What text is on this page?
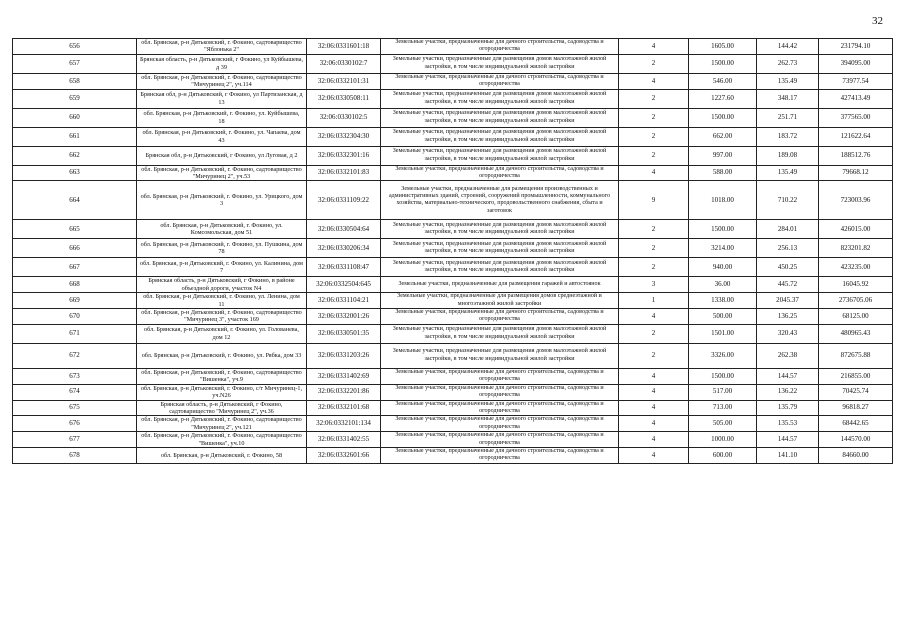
32
656	обл. Брянская, р-н Дятьковский, г. Фокино, садтоварищество "Яблонька 2"	32:06:0331601:18	Земельные участки, предназначенные для дачного строительства, садоводства и огородничества	4	1605.00	144.42	231794.10
657	Брянская область, р-н Дятьковский, г Фокино, ул Куйбышева, д 39	32:06:0330102:7	Земельные участки, предназначенные для размещения домов малоэтажной жилой застройки, в том числе индивидуальной жилой застройки	2	1500.00	262.73	394095.00
658	обл. Брянская, р-н Дятьковский, г. Фокино, садтоварищество "Мичуринец 2", уч.114	32:06:0332101:31	Земельные участки, предназначенные для дачного строительства, садоводства и огородничества	4	546.00	135.49	73977.54
659	Брянская обл, р-н Дятьковский, г Фокино, ул Партизанская, д 13	32:06:0330508:11	Земельные участки, предназначенные для размещения домов малоэтажной жилой застройки, в том числе индивидуальной жилой застройки	2	1227.60	348.17	427413.49
660	обл. Брянская, р-н Дятьковский, г. Фокино, ул. Куйбышева, 18	32:06:0330102:5	Земельные участки, предназначенные для размещения домов малоэтажной жилой застройки, в том числе индивидуальной жилой застройки	2	1500.00	251.71	377565.00
661	обл. Брянская, р-н Дятьковский, г. Фокино, ул. Чапаева, дом 43	32:06:0332304:30	Земельные участки, предназначенные для размещения домов малоэтажной жилой застройки, в том числе индивидуальной жилой застройки	2	662.00	183.72	121622.64
662	Брянская обл, р-н Дятьковский, г Фокино, ул Луговая, д 2	32:06:0332301:16	Земельные участки, предназначенные для размещения домов малоэтажной жилой застройки, в том числе индивидуальной жилой застройки	2	997.00	189.08	188512.76
663	обл. Брянская, р-н Дятьковский, г. Фокино, садтоварищество "Мичуринец 2", уч.53	32:06:0332101:83	Земельные участки, предназначенные для дачного строительства, садоводства и огородничества	4	588.00	135.49	79668.12
664	обл. Брянская, р-н Дятьковский, г. Фокино, ул. Урицкого, дом 3	32:06:0331109:22	Земельные участки, предназначенные для размещения производственных и административных зданий, строений, сооружений промышленности, коммунального хозяйства, материально-технического, продовольственного снабжения, сбыта и заготовок	9	1018.00	710.22	723003.96
665	обл. Брянская, р-н Дятьковский, г. Фокино, ул. Комсомольская, дом 51	32:06:0330504:64	Земельные участки, предназначенные для размещения домов малоэтажной жилой застройки, в том числе индивидуальной жилой застройки	2	1500.00	284.01	426015.00
666	обл. Брянская, р-н Дятьковский, г. Фокино, ул. Пушкина, дом 78	32:06:0330206:34	Земельные участки, предназначенные для размещения домов малоэтажной жилой застройки, в том числе индивидуальной жилой застройки	2	3214.00	256.13	823201.82
667	обл. Брянская, р-н Дятьковский, г. Фокино, ул. Калинина, дом 7	32:06:0331108:47	Земельные участки, предназначенные для размещения домов малоэтажной жилой застройки, в том числе индивидуальной жилой застройки	2	940.00	450.25	423235.00
668	Брянская область, р-н Дятьковский, г Фокино, в районе объездной дороги, участок N4	32:06:0332504:645	Земельные участки, предназначенные для размещения гаражей и автостоянок	3	36.00	445.72	16045.92
669	обл. Брянская, р-н Дятьковский, г. Фокино, ул. Ленина, дом 11	32:06:0331104:21	Земельные участки, предназначенные для размещения домов среднеэтажной и многоэтажной жилой застройки	1	1338.00	2045.37	2736705.06
670	обл. Брянская, р-н Дятьковский, г. Фокино, садтоварищество "Мичуринец 3", участок 169	32:06:0332001:26	Земельные участки, предназначенные для дачного строительства, садоводства и огородничества	4	500.00	136.25	68125.00
671	обл. Брянская, р-н Дятьковский, г. Фокино, ул. Голованева, дом 12	32:06:0330501:35	Земельные участки, предназначенные для размещения домов малоэтажной жилой застройки, в том числе индивидуальной жилой застройки	2	1501.00	320.43	480965.43
672	обл. Брянская, р-н Дятьковский, г. Фокино, ул. Рябка, дом 33	32:06:0331203:26	Земельные участки, предназначенные для размещения домов малоэтажной жилой застройки, в том числе индивидуальной жилой застройки	2	3326.00	262.38	872675.88
673	обл. Брянская, р-н Дятьковский, г. Фокино, садтоварищество "Вишенка", уч.9	32:06:0331402:69	Земельные участки, предназначенные для дачного строительства, садоводства и огородничества	4	1500.00	144.57	216855.00
674	обл. Брянская, р-н Дятьковский, г. Фокино, с/т Мичуринец-1, уч.N26	32:06:0332201:86	Земельные участки, предназначенные для дачного строительства, садоводства и огородничества	4	517.00	136.22	70425.74
675	Брянская область, р-н Дятьковский, г Фокино, садтоварищество "Мичуринец 2", уч.36	32:06:0332101:68	Земельные участки, предназначенные для дачного строительства, садоводства и огородничества	4	713.00	135.79	96818.27
676	обл. Брянская, р-н Дятьковский, г. Фокино, садтоварищество "Мичуринец 2", уч.121	32:06:0332101:134	Земельные участки, предназначенные для дачного строительства, садоводства и огородничества	4	505.00	135.53	68442.65
677	обл. Брянская, р-н Дятьковский, г. Фокино, садтоварищество "Вишенка", уч.10	32:06:0331402:55	Земельные участки, предназначенные для дачного строительства, садоводства и огородничества	4	1000.00	144.57	144570.00
678	обл. Брянская, р-н Дятьковский, г. Фокино, 58	32:06:0332601:66	Земельные участки, предназначенные для дачного строительства, садоводства и огородничества	4	600.00	141.10	84660.00
